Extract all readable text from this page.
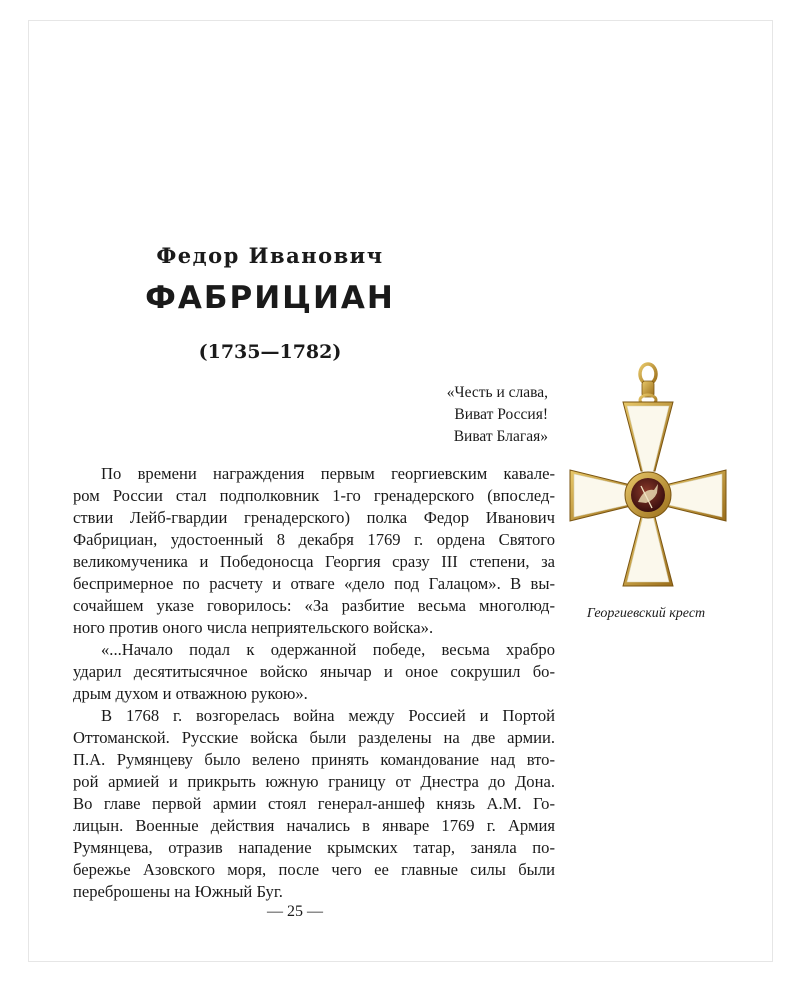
Федор Иванович
ФАБРИЦИАН
(1735—1782)
«Честь и слава,
Виват Россия!
Виват Благая»
По времени награждения первым георгиевским кавале-
ром России стал подполковник 1-го гренадерского (впослед-
ствии Лейб-гвардии гренадерского) полка Федор Иванович
Фабрициан, удостоенный 8 декабря 1769 г. ордена Святого
великомученика и Победоносца Георгия сразу III степени, за
беспримерное по расчету и отваге «дело под Галацом». В вы-
сочайшем указе говорилось: «За разбитие весьма многолюд-
ного против оного числа неприятельского войска».
«...Начало подал к одержанной победе, весьма храбро
ударил десятитысячное войско янычар и оное сокрушил бо-
дрым духом и отважною рукою».
В 1768 г. возгорелась война между Россией и Портой
Оттоманской. Русские войска были разделены на две армии.
П.А. Румянцеву было велено принять командование над вто-
рой армией и прикрыть южную границу от Днестра до Дона.
Во главе первой армии стоял генерал-аншеф князь А.М. Го-
лицын. Военные действия начались в январе 1769 г. Армия
Румянцева, отразив нападение крымских татар, заняла по-
бережье Азовского моря, после чего ее главные силы были
переброшены на Южный Буг.
Георгиевский крест
— 25 —
